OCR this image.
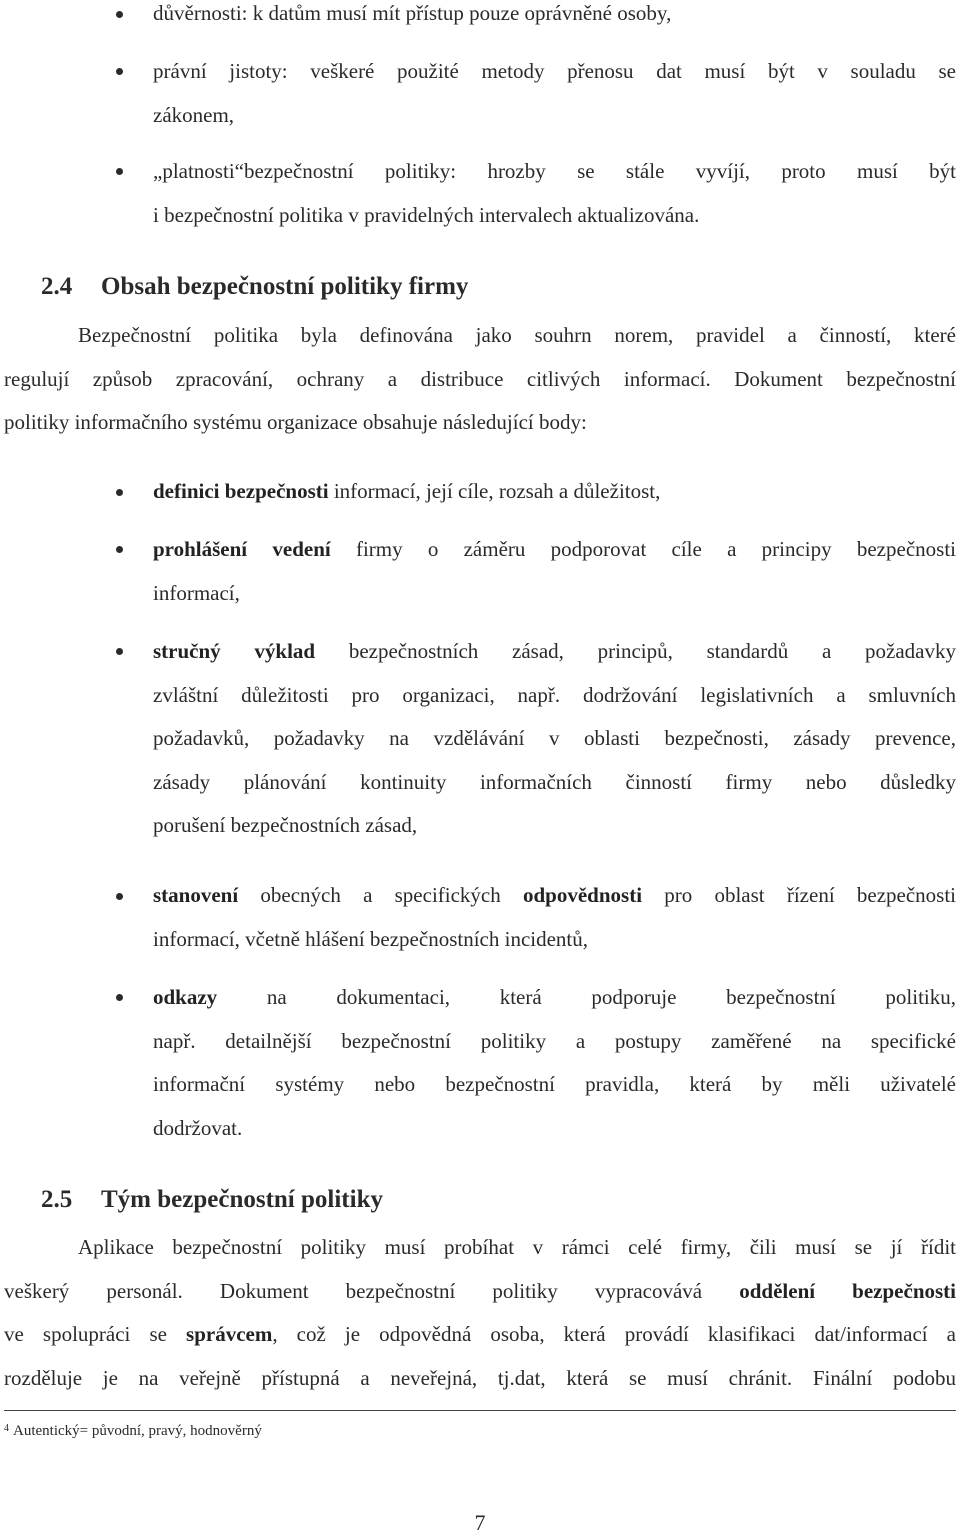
důvěrnosti: k datům musí mít přístup pouze oprávněné osoby,
právní jistoty: veškeré použité metody přenosu dat musí být v souladu se
zákonem,
„platnosti“bezpečnostní politiky: hrozby se stále vyvíjí, proto musí být
i bezpečnostní politika v pravidelných intervalech aktualizována.
2.4 Obsah bezpečnostní politiky firmy
Bezpečnostní politika byla definována jako souhrn norem, pravidel a činností, které
regulují způsob zpracování, ochrany a distribuce citlivých informací. Dokument bezpečnostní
politiky informačního systému organizace obsahuje následující body:
definici bezpečnosti informací, její cíle, rozsah a důležitost,
prohlášení vedení firmy o záměru podporovat cíle a principy bezpečnosti
informací,
stručný výklad bezpečnostních zásad, principů, standardů a požadavky
zvláštní důležitosti pro organizaci, např. dodržování legislativních a smluvních
požadavků, požadavky na vzdělávání v oblasti bezpečnosti, zásady prevence,
zásady plánování kontinuity informačních činností firmy nebo důsledky
porušení bezpečnostních zásad,
stanovení obecných a specifických odpovědnosti pro oblast řízení bezpečnosti
informací, včetně hlášení bezpečnostních incidentů,
odkazy na dokumentaci, která podporuje bezpečnostní politiku,
např. detailnější bezpečnostní politiky a postupy zaměřené na specifické
informační systémy nebo bezpečnostní pravidla, která by měli uživatelé
dodržovat.
2.5 Tým bezpečnostní politiky
Aplikace bezpečnostní politiky musí probíhat v rámci celé firmy, čili musí se jí řídit
veškerý personál. Dokument bezpečnostní politiky vypracovává oddělení bezpečnosti
ve spolupráci se správcem, což je odpovědná osoba, která provádí klasifikaci dat/informací a
rozděluje je na veřejně přístupná a neveřejná, tj.dat, která se musí chránit. Finální podobu
$^4$ Autentický= původní, pravý, hodnověrný
7
